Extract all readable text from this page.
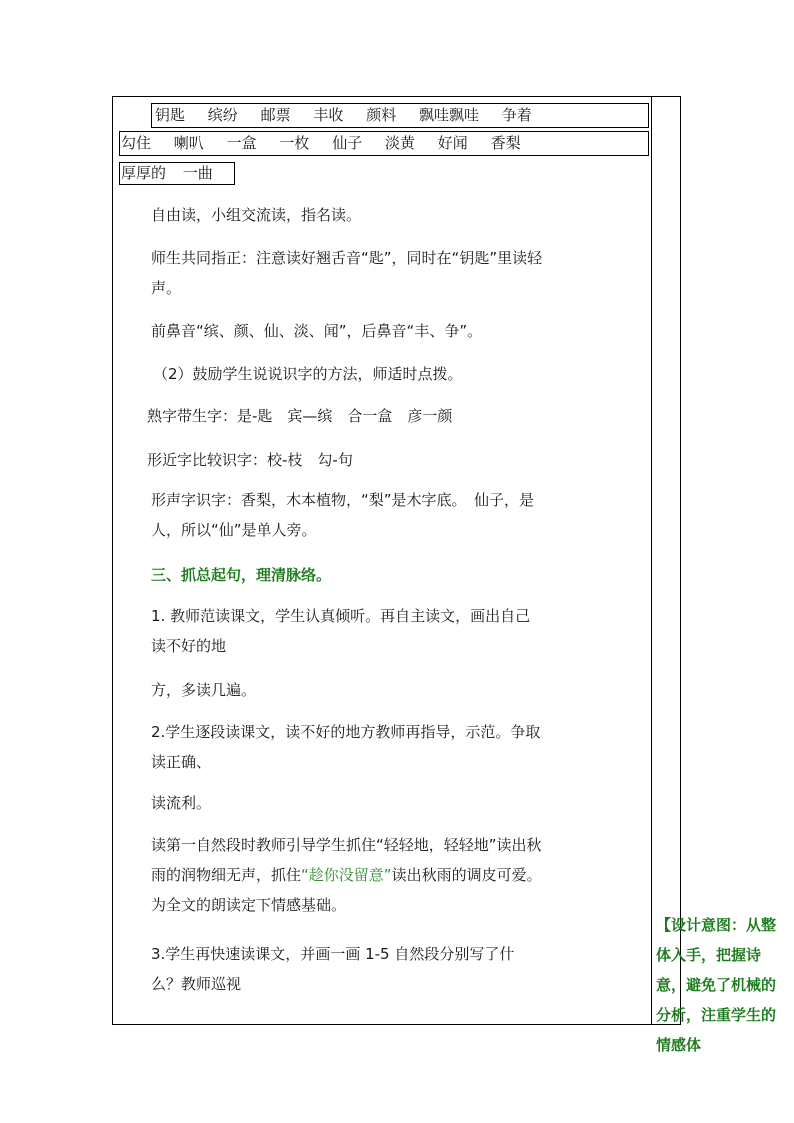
钥匙 缤纷 邮票 丰收 颜料 飘哇飘哇 争着
勾住 喇叭 一盒 一枚 仙子 淡黄 好闻 香梨
厚厚的 一曲
自由读，小组交流读，指名读。
师生共同指正：注意读好翘舌音“匙”，同时在“钥匙”里读轻声。
前鼻音“缤、颜、仙、淡、闻”，后鼻音“丰、争”。
（2）鼓励学生说说识字的方法，师适时点拨。
熟字带生字：是-匙　宾—缤　合一盒　彦一颜
形近字比较识字：校-枝　勾-句
形声字识字：香梨，木本植物，“梨”是木字底。　仙子，是人，所以“仙”是单人旁。
三、抓总起句，理清脉络。
1. 教师范读课文，学生认真倾听。再自主读文，画出自己读不好的地
方，多读几遍。
2.学生逐段读课文，读不好的地方教师再指导，示范。争取读正确、
读流利。
读第一自然段时教师引导学生抓住“轻轻地，轻轻地”读出秋雨的润物细无声，抓住“趁你没留意”读出秋雨的调皮可爱。为全文的朗读定下情感基础。
3.学生再快速读课文，并画一画 1-5 自然段分别写了什么？教师巡视
【设计意图：从整体入手，把握诗意，避免了机械的分析，注重学生的情感体
